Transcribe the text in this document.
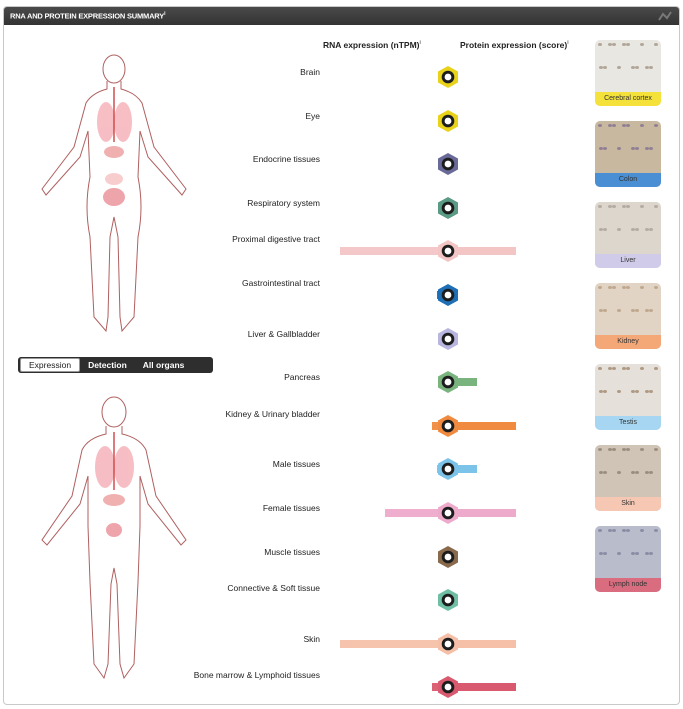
RNA AND PROTEIN EXPRESSION SUMMARY$^i$
RNA expression (nTPM)$^i$	Protein expression (score)$^i$
Expression	Detection	All organs
Brain
Eye
Endocrine tissues
Respiratory system
Proximal digestive tract
Gastrointestinal tract
Liver & Gallbladder
Pancreas
Kidney & Urinary bladder
Male tissues
Female tissues
Muscle tissues
Connective & Soft tissue
Skin
Bone marrow & Lymphoid tissues
Cerebral cortex
Colon
Liver
Kidney
Testis
Skin
Lymph node
